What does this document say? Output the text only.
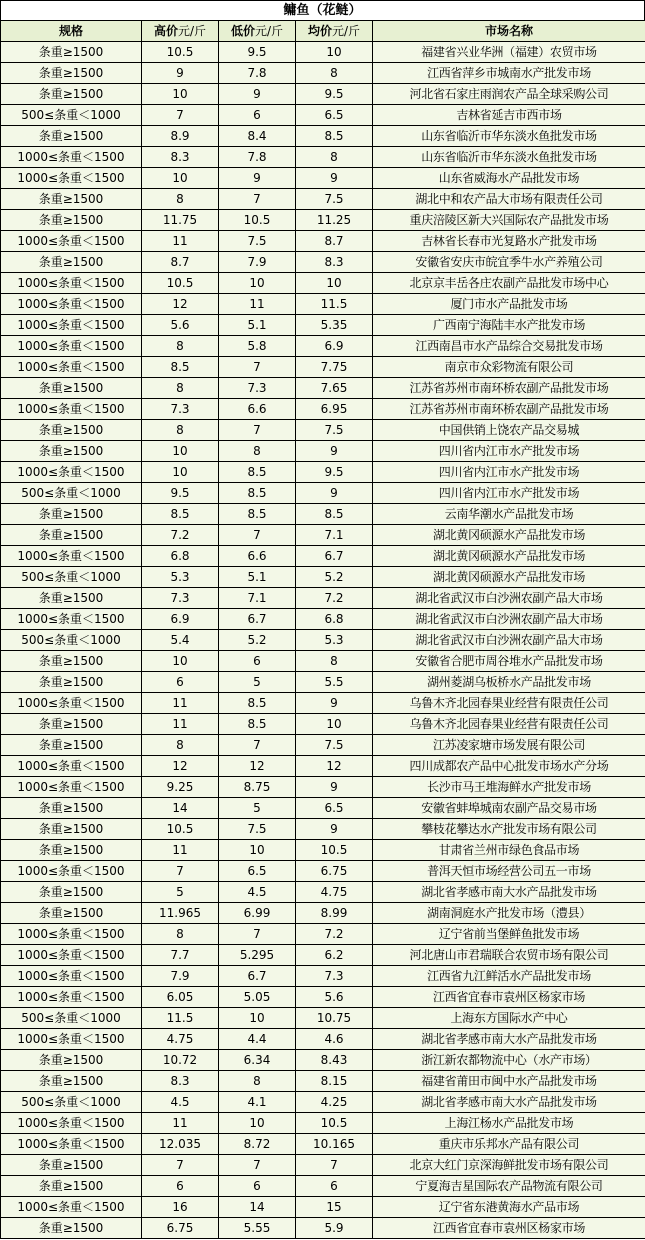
鳙鱼（花鲢）
规格	高价元/斤	低价元/斤	均价元/斤	市场名称
条重≥1500	10.5	9.5	10	福建省兴业华洲（福建）农贸市场
条重≥1500	9	7.8	8	江西省萍乡市城南水产批发市场
条重≥1500	10	9	9.5	河北省石家庄雨润农产品全球采购公司
500≤条重＜1000	7	6	6.5	吉林省延吉市西市场
条重≥1500	8.9	8.4	8.5	山东省临沂市华东淡水鱼批发市场
1000≤条重＜1500	8.3	7.8	8	山东省临沂市华东淡水鱼批发市场
1000≤条重＜1500	10	9	9	山东省威海水产品批发市场
条重≥1500	8	7	7.5	湖北中和农产品大市场有限责任公司
条重≥1500	11.75	10.5	11.25	重庆涪陵区新大兴国际农产品批发市场
1000≤条重＜1500	11	7.5	8.7	吉林省长春市光复路水产批发市场
条重≥1500	8.7	7.9	8.3	安徽省安庆市皖宜季牛水产养殖公司
1000≤条重＜1500	10.5	10	10	北京京丰岳各庄农副产品批发市场中心
1000≤条重＜1500	12	11	11.5	厦门市水产品批发市场
1000≤条重＜1500	5.6	5.1	5.35	广西南宁海陆丰水产批发市场
1000≤条重＜1500	8	5.8	6.9	江西南昌市水产品综合交易批发市场
1000≤条重＜1500	8.5	7	7.75	南京市众彩物流有限公司
条重≥1500	8	7.3	7.65	江苏省苏州市南环桥农副产品批发市场
1000≤条重＜1500	7.3	6.6	6.95	江苏省苏州市南环桥农副产品批发市场
条重≥1500	8	7	7.5	中国供销上饶农产品交易城
条重≥1500	10	8	9	四川省内江市水产批发市场
1000≤条重＜1500	10	8.5	9.5	四川省内江市水产批发市场
500≤条重＜1000	9.5	8.5	9	四川省内江市水产批发市场
条重≥1500	8.5	8.5	8.5	云南华潮水产品批发市场
条重≥1500	7.2	7	7.1	湖北黄冈硕源水产品批发市场
1000≤条重＜1500	6.8	6.6	6.7	湖北黄冈硕源水产品批发市场
500≤条重＜1000	5.3	5.1	5.2	湖北黄冈硕源水产品批发市场
条重≥1500	7.3	7.1	7.2	湖北省武汉市白沙洲农副产品大市场
1000≤条重＜1500	6.9	6.7	6.8	湖北省武汉市白沙洲农副产品大市场
500≤条重＜1000	5.4	5.2	5.3	湖北省武汉市白沙洲农副产品大市场
条重≥1500	10	6	8	安徽省合肥市周谷堆水产品批发市场
条重≥1500	6	5	5.5	湖州菱湖乌板桥水产品批发市场
1000≤条重＜1500	11	8.5	9	乌鲁木齐北园春果业经营有限责任公司
条重≥1500	11	8.5	10	乌鲁木齐北园春果业经营有限责任公司
条重≥1500	8	7	7.5	江苏凌家塘市场发展有限公司
1000≤条重＜1500	12	12	12	四川成都农产品中心批发市场水产分场
1000≤条重＜1500	9.25	8.75	9	长沙市马王堆海鲜水产批发市场
条重≥1500	14	5	6.5	安徽省蚌埠城南农副产品交易市场
条重≥1500	10.5	7.5	9	攀枝花攀达水产批发市场有限公司
条重≥1500	11	10	10.5	甘肃省兰州市绿色食品市场
1000≤条重＜1500	7	6.5	6.75	普洱天恒市场经营公司五一市场
条重≥1500	5	4.5	4.75	湖北省孝感市南大水产品批发市场
条重≥1500	11.965	6.99	8.99	湖南洞庭水产批发市场（澧县）
1000≤条重＜1500	8	7	7.2	辽宁省前当堡鲜鱼批发市场
1000≤条重＜1500	7.7	5.295	6.2	河北唐山市君瑞联合农贸市场有限公司
1000≤条重＜1500	7.9	6.7	7.3	江西省九江鲜活水产品批发市场
1000≤条重＜1500	6.05	5.05	5.6	江西省宜春市袁州区杨家市场
500≤条重＜1000	11.5	10	10.75	上海东方国际水产中心
1000≤条重＜1500	4.75	4.4	4.6	湖北省孝感市南大水产品批发市场
条重≥1500	10.72	6.34	8.43	浙江新农都物流中心（水产市场）
条重≥1500	8.3	8	8.15	福建省莆田市闽中水产品批发市场
500≤条重＜1000	4.5	4.1	4.25	湖北省孝感市南大水产品批发市场
1000≤条重＜1500	11	10	10.5	上海江杨水产品批发市场
1000≤条重＜1500	12.035	8.72	10.165	重庆市乐邦水产品有限公司
条重≥1500	7	7	7	北京大红门京深海鲜批发市场有限公司
条重≥1500	6	6	6	宁夏海吉星国际农产品物流有限公司
1000≤条重＜1500	16	14	15	辽宁省东港黄海水产品市场
条重≥1500	6.75	5.55	5.9	江西省宜春市袁州区杨家市场
